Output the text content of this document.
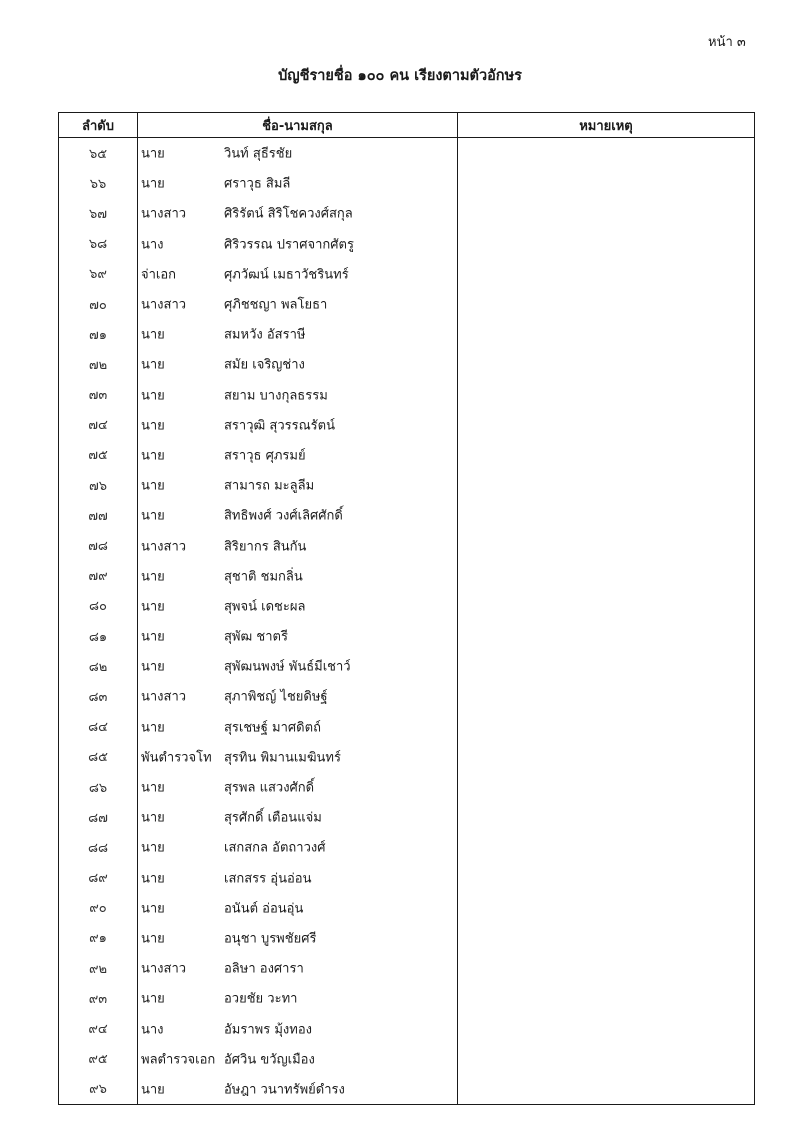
หน้า ๓
บัญชีรายชื่อ ๑๐๐ คน เรียงตามตัวอักษร
ลำดับ	ชื่อ-นามสกุล	หมายเหตุ
๖๕	นาย วินท์ สุธีรชัย	

๖๖	นาย ศราวุธ สิมลี	

๖๗	นางสาว ศิริรัตน์ สิริโชควงศ์สกุล	

๖๘	นาง ศิริวรรณ ปราศจากศัตรู	

๖๙	จ่าเอก ศุภวัฒน์ เมธาวัชรินทร์	

๗๐	นางสาว ศุภิชชญา พลโยธา	

๗๑	นาย สมหวัง อัสราษี	

๗๒	นาย สมัย เจริญช่าง	

๗๓	นาย สยาม บางกุลธรรม	

๗๔	นาย สราวุฒิ สุวรรณรัตน์	

๗๕	นาย สราวุธ ศุภรมย์	

๗๖	นาย สามารถ มะลูลีม	

๗๗	นาย สิทธิพงศ์ วงศ์เลิศศักดิ์	

๗๘	นางสาว สิริยากร สินกัน	

๗๙	นาย สุชาติ ชมกลิ่น	

๘๐	นาย สุพจน์ เดชะผล	

๘๑	นาย สุพัฒ ชาตรี	

๘๒	นาย สุพัฒนพงษ์ พันธ์มีเชาว์	

๘๓	นางสาว สุภาพิชญ์ ไชยดิษฐ์	

๘๔	นาย สุรเชษฐ์ มาศดิตถ์	

๘๕	พันตำรวจโท สุรทิน พิมานเมฆินทร์	

๘๖	นาย สุรพล แสวงศักดิ์	

๘๗	นาย สุรศักดิ์ เตือนแจ่ม	

๘๘	นาย เสกสกล อัตถาวงศ์	

๘๙	นาย เสกสรร อุ่นอ่อน	

๙๐	นาย อนันต์ อ่อนอุ่น	

๙๑	นาย อนุชา บูรพชัยศรี	

๙๒	นางสาว อลิษา องศารา	

๙๓	นาย อวยชัย วะทา	

๙๔	นาง อัมราพร มุ้งทอง	

๙๕	พลตำรวจเอก อัศวิน ขวัญเมือง	

๙๖	นาย อัษฎา วนาทรัพย์ดำรง	
